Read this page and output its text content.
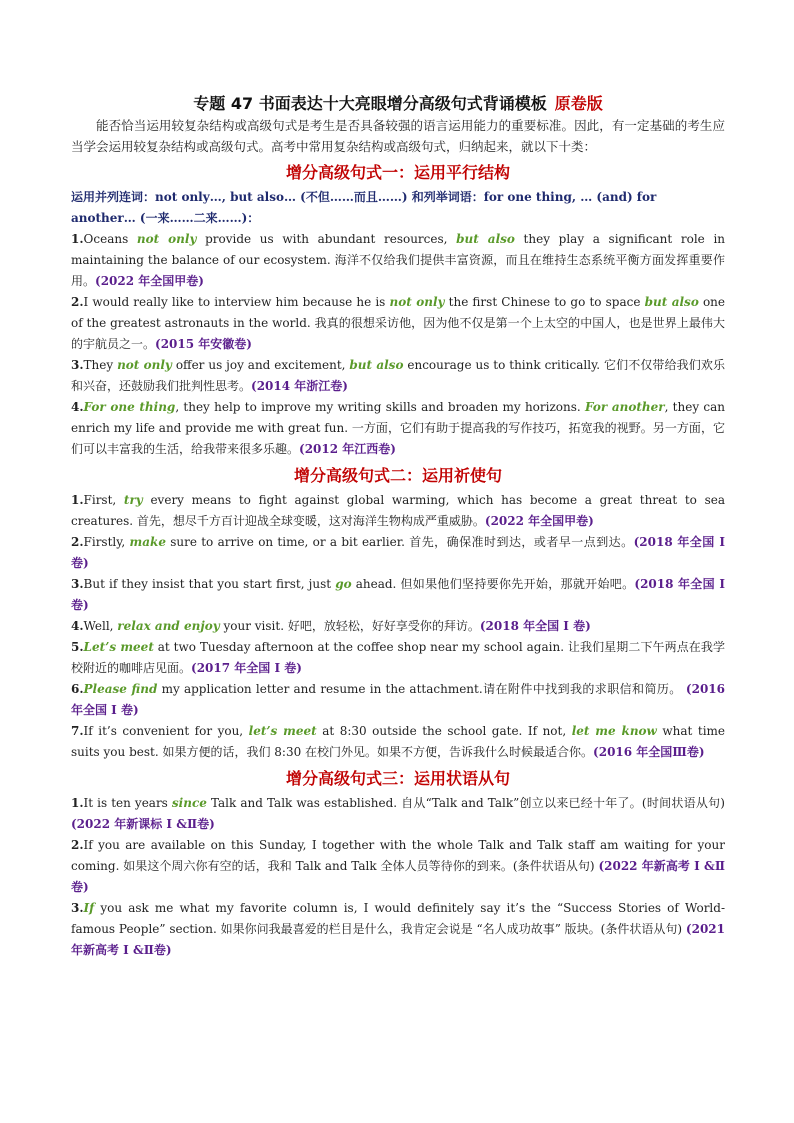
专题 47 书面表达十大亮眼增分高级句式背诵模板 原卷版

能否恰当运用较复杂结构或高级句式是考生是否具备较强的语言运用能力的重要标准。因此，有一定基础的考生应当学会运用较复杂结构或高级句式。高考中常用复杂结构或高级句式，归纳起来，就以下十类：

增分高级句式一：运用平行结构

运用并列连词：not only…, but also… (不但……而且……) 和列举词语：for one thing, … (and) for another… (一来……二来……)：

1.Oceans not only provide us with abundant resources, but also they play a significant role in maintaining the balance of our ecosystem. 海洋不仅给我们提供丰富资源，而且在维持生态系统平衡方面发挥重要作用。(2022 年全国甲卷)

2.I would really like to interview him because he is not only the first Chinese to go to space but also one of the greatest astronauts in the world. 我真的很想采访他，因为他不仅是第一个上太空的中国人，也是世界上最伟大的宇航员之一。(2015 年安徽卷)

3.They not only offer us joy and excitement, but also encourage us to think critically. 它们不仅带给我们欢乐和兴奋，还鼓励我们批判性思考。(2014 年浙江卷)

4.For one thing, they help to improve my writing skills and broaden my horizons. For another, they can enrich my life and provide me with great fun. 一方面，它们有助于提高我的写作技巧，拓宽我的视野。另一方面，它们可以丰富我的生活，给我带来很多乐趣。(2012 年江西卷)

增分高级句式二：运用祈使句

1.First, try every means to fight against global warming, which has become a great threat to sea creatures. 首先，想尽千方百计迎战全球变暖，这对海洋生物构成严重威胁。(2022 年全国甲卷)

2.Firstly, make sure to arrive on time, or a bit earlier. 首先，确保准时到达，或者早一点到达。(2018 年全国 Ⅰ 卷)

3.But if they insist that you start first, just go ahead. 但如果他们坚持要你先开始，那就开始吧。(2018 年全国 Ⅰ 卷)

4.Well, relax and enjoy your visit. 好吧，放轻松，好好享受你的拜访。(2018 年全国 Ⅰ 卷)

5.Let’s meet at two Tuesday afternoon at the coffee shop near my school again. 让我们星期二下午两点在我学校附近的咖啡店见面。(2017 年全国 Ⅰ 卷)

6.Please find my application letter and resume in the attachment.请在附件中找到我的求职信和简历。 (2016 年全国 Ⅰ 卷)

7.If it’s convenient for you, let’s meet at 8:30 outside the school gate. If not, let me know what time suits you best. 如果方便的话，我们 8:30 在校门外见。如果不方便，告诉我什么时候最适合你。(2016 年全国Ⅲ卷)

增分高级句式三：运用状语从句

1.It is ten years since Talk and Talk was established. 自从“Talk and Talk”创立以来已经十年了。(时间状语从句) (2022 年新课标 Ⅰ &Ⅱ卷)

2.If you are available on this Sunday, I together with the whole Talk and Talk staff am waiting for your coming. 如果这个周六你有空的话，我和 Talk and Talk 全体人员等待你的到来。(条件状语从句) (2022 年新高考 Ⅰ &Ⅱ卷)

3.If you ask me what my favorite column is, I would definitely say it’s the “Success Stories of World-famous People” section. 如果你问我最喜爱的栏目是什么，我肯定会说是 “名人成功故事” 版块。(条件状语从句) (2021 年新高考 Ⅰ &Ⅱ卷)
